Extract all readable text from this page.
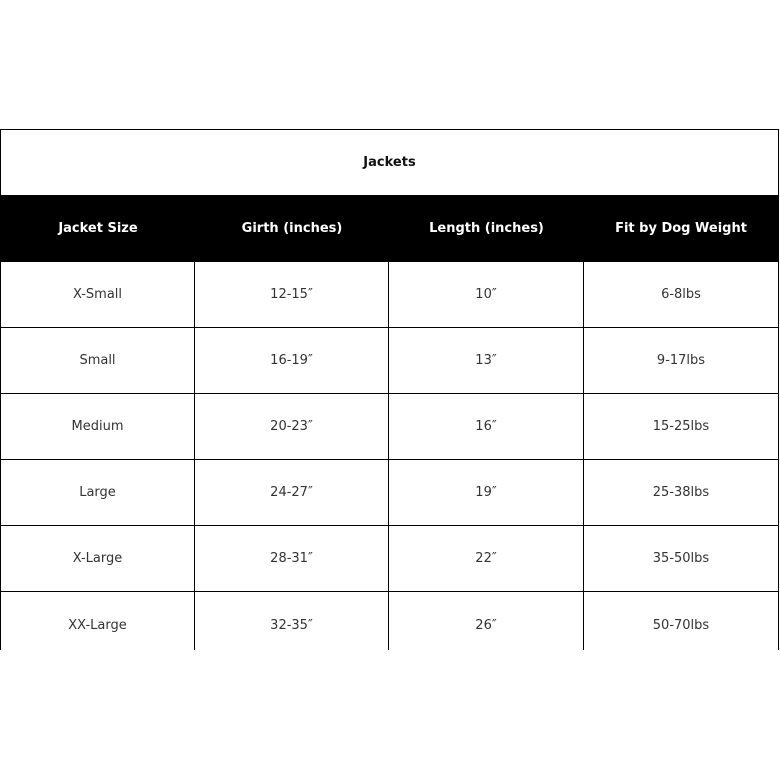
Jackets
Jacket Size	Girth (inches)	Length (inches)	Fit by Dog Weight
X-Small	12-15″	10″	6-8lbs
Small	16-19″	13″	9-17lbs
Medium	20-23″	16″	15-25lbs
Large	24-27″	19″	25-38lbs
X-Large	28-31″	22″	35-50lbs
XX-Large	32-35″	26″	50-70lbs
